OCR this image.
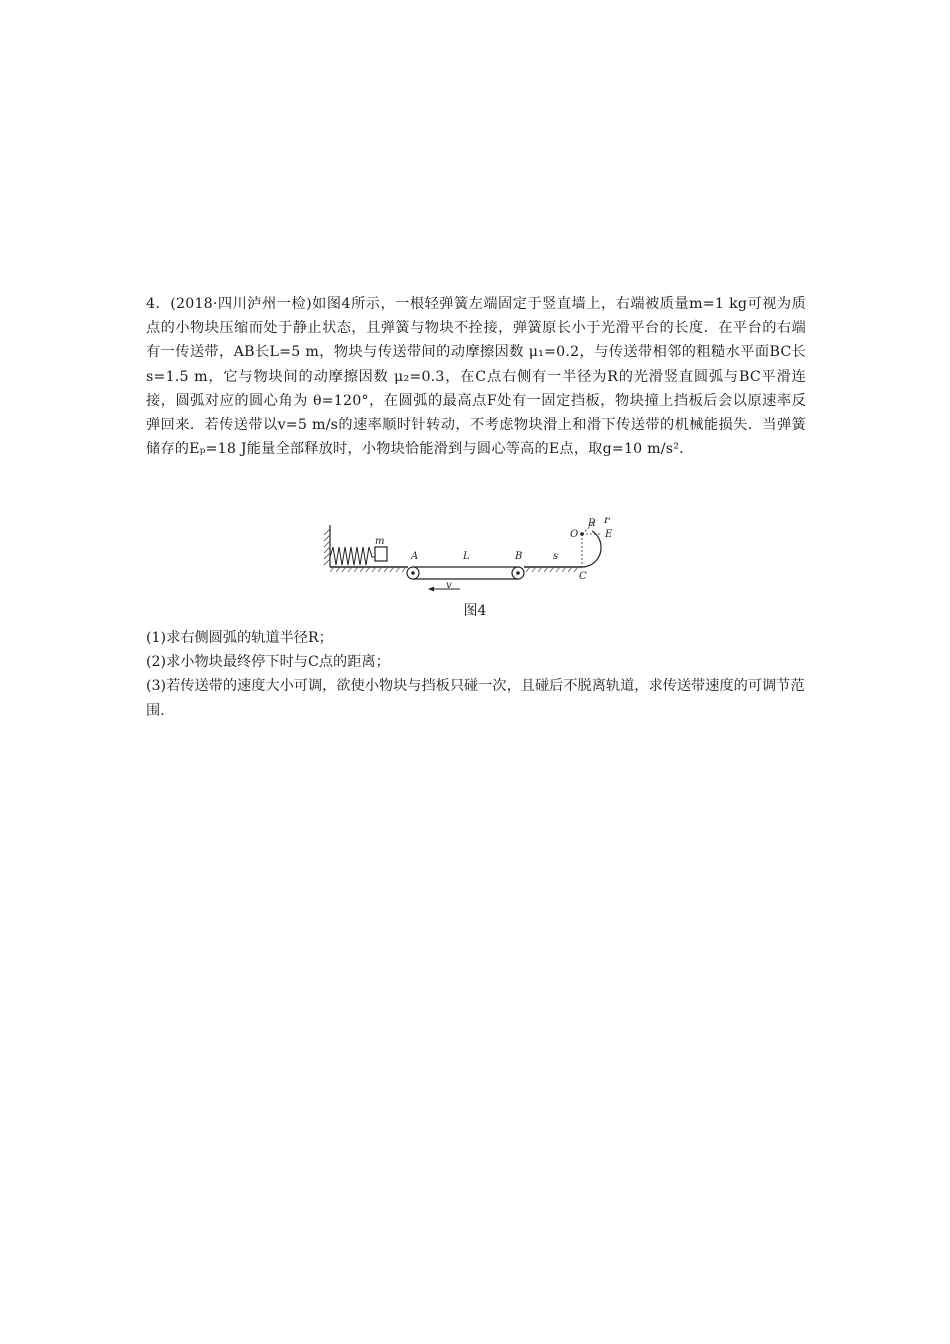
4．(2018·四川泸州一检)如图4所示，一根轻弹簧左端固定于竖直墙上，右端被质量m=1 kg可视为质点的小物块压缩而处于静止状态，且弹簧与物块不拴接，弹簧原长小于光滑平台的长度．在平台的右端有一传送带，AB长L=5 m，物块与传送带间的动摩擦因数 μ₁=0.2，与传送带相邻的粗糙水平面BC长s=1.5 m，它与物块间的动摩擦因数 μ₂=0.3，在C点右侧有一半径为R的光滑竖直圆弧与BC平滑连接，圆弧对应的圆心角为 θ=120°，在圆弧的最高点F处有一固定挡板，物块撞上挡板后会以原速率反弹回来．若传送带以v=5 m/s的速率顺时针转动，不考虑物块滑上和滑下传送带的机械能损失．当弹簧储存的Eₚ=18 J能量全部释放时，小物块恰能滑到与圆心等高的E点，取g=10 m/s².

m
A	L	B
v
s
O
R F
E
C
图4

(1)求右侧圆弧的轨道半径R；

(2)求小物块最终停下时与C点的距离；

(3)若传送带的速度大小可调，欲使小物块与挡板只碰一次，且碰后不脱离轨道，求传送带速度的可调节范围.
